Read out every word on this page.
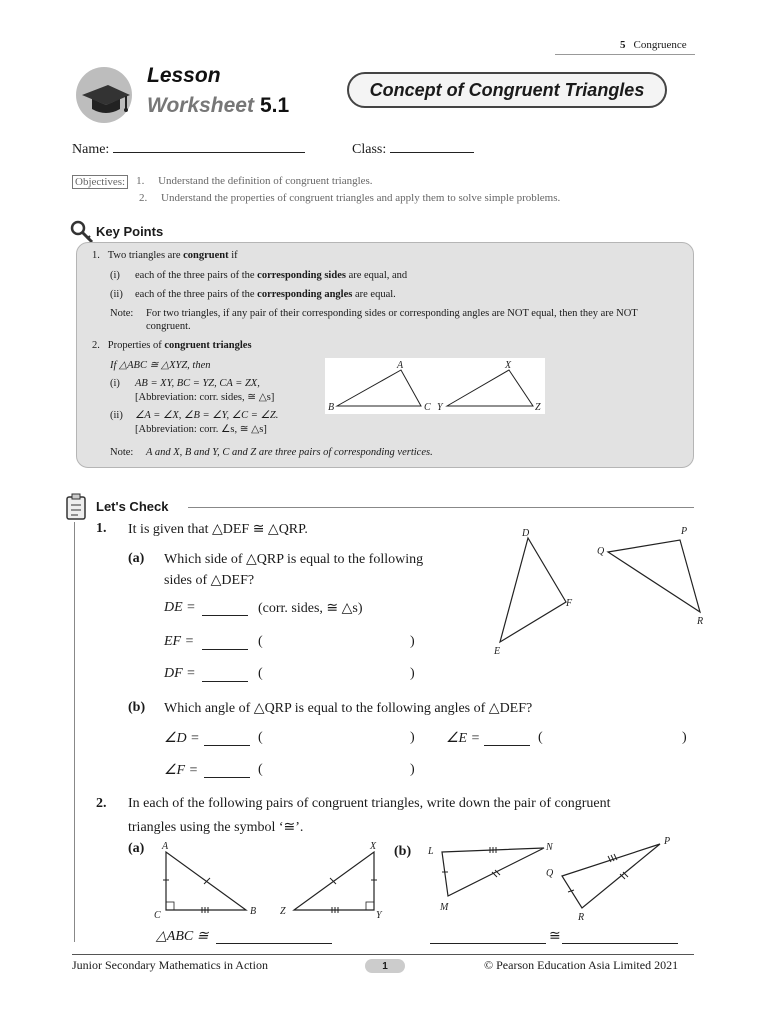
5 Congruence
Lesson
Worksheet 5.1
Concept of Congruent Triangles
Name:	Class:
Objectives: 1.	Understand the definition of congruent triangles.
2.	Understand the properties of congruent triangles and apply them to solve simple problems.
Key Points
1. Two triangles are congruent if
(i) each of the three pairs of the corresponding sides are equal, and
(ii) each of the three pairs of the corresponding angles are equal.
Note:	For two triangles, if any pair of their corresponding sides or corresponding angles are NOT equal, then they are NOT congruent.
2. Properties of congruent triangles
If △ABC ≅ △XYZ, then
(i) AB = XY, BC = YZ, CA = ZX,
[Abbreviation: corr. sides, ≅ △s]
(ii) ∠A = ∠X, ∠B = ∠Y, ∠C = ∠Z.
[Abbreviation: corr. ∠s, ≅ △s]
Note:	A and X, B and Y, C and Z are three pairs of corresponding vertices.
B
A
C Y
X
Z
Let's Check
1. It is given that △DEF ≅ △QRP.
(a) Which side of △QRP is equal to the following
sides of △DEF?
DE =	(corr. sides, ≅ △s)
EF =	(	)
DF =	(	)
D
E
F
Q
P
R
(b) Which angle of △QRP is equal to the following angles of △DEF?
∠D =	(	) ∠E =	(	)
∠F =	(	)
2. In each of the following pairs of congruent triangles, write down the pair of congruent
triangles using the symbol ‘≅’.
(a)	(b)
A
C	B
X
Z	Y
L
M
N
P
Q
R
△ABC ≅	≅
Junior Secondary Mathematics in Action	1	© Pearson Education Asia Limited 2021
